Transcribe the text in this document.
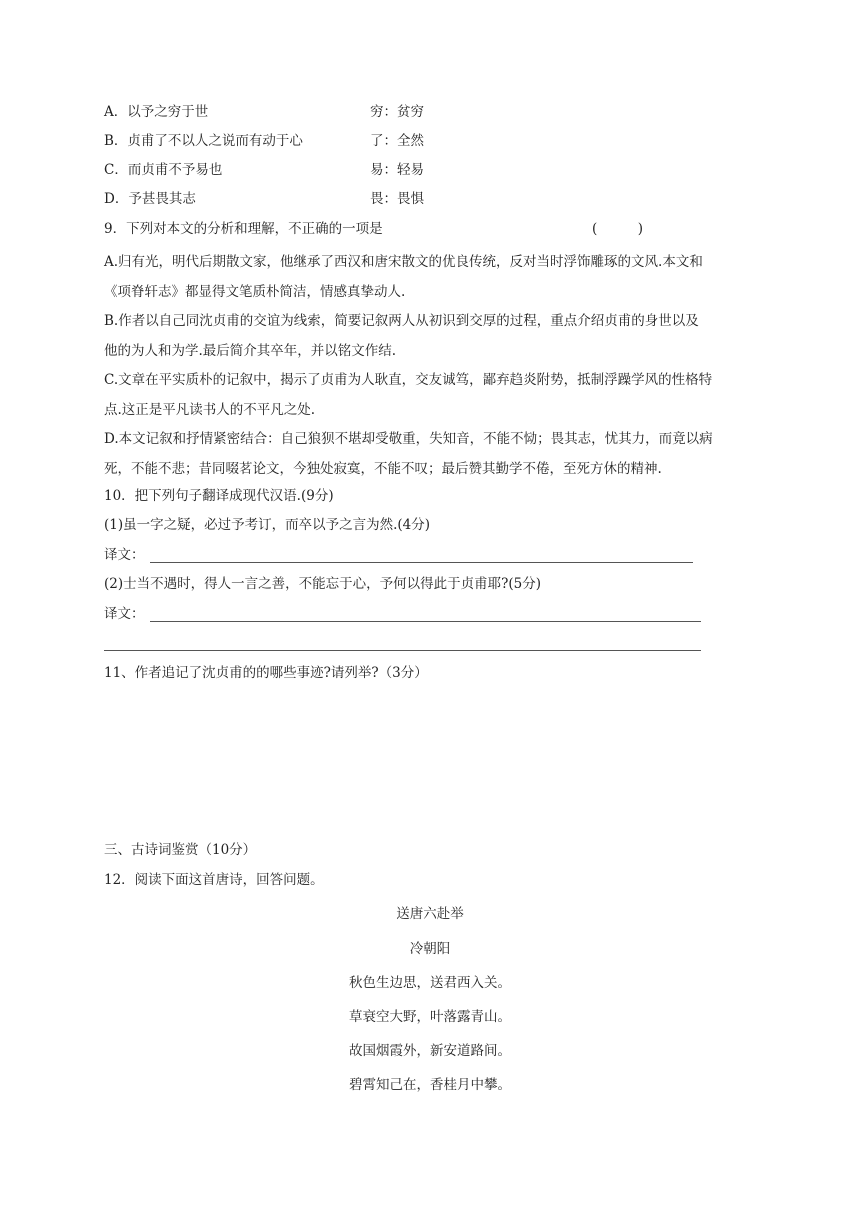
A．以予之穷于世	穷：贫穷
B．贞甫了不以人之说而有动于心	了：全然
C．而贞甫不予易也	易：轻易
D．予甚畏其志	畏：畏惧
9．下列对本文的分析和理解，不正确的一项是	(　　　)
A.归有光，明代后期散文家，他继承了西汉和唐宋散文的优良传统，反对当时浮饰雕琢的文风.本文和
《项脊轩志》都显得文笔质朴简洁，情感真挚动人.
B.作者以自己同沈贞甫的交谊为线索，简要记叙两人从初识到交厚的过程，重点介绍贞甫的身世以及
他的为人和为学.最后简介其卒年，并以铭文作结.
C.文章在平实质朴的记叙中，揭示了贞甫为人耿直，交友诚笃，鄙弃趋炎附势，抵制浮躁学风的性格特
点.这正是平凡读书人的不平凡之处.
D.本文记叙和抒情紧密结合：自己狼狈不堪却受敬重，失知音，不能不恸；畏其志，忧其力，而竟以病
死，不能不悲；昔同啜茗论文，今独处寂寞，不能不叹；最后赞其勤学不倦，至死方休的精神.
10．把下列句子翻译成现代汉语.(9分)
(1)虽一字之疑，必过予考订，而卒以予之言为然.(4分)
译文：
(2)士当不遇时，得人一言之善，不能忘于心，予何以得此于贞甫耶?(5分)
译文：
11、作者追记了沈贞甫的的哪些事迹?请列举?（3分）
三、古诗词鉴赏（10分）
12．阅读下面这首唐诗，回答问题。
送唐六赴举
冷朝阳
秋色生边思，送君西入关。
草衰空大野，叶落露青山。
故国烟霞外，新安道路间。
碧霄知己在，香桂月中攀。
